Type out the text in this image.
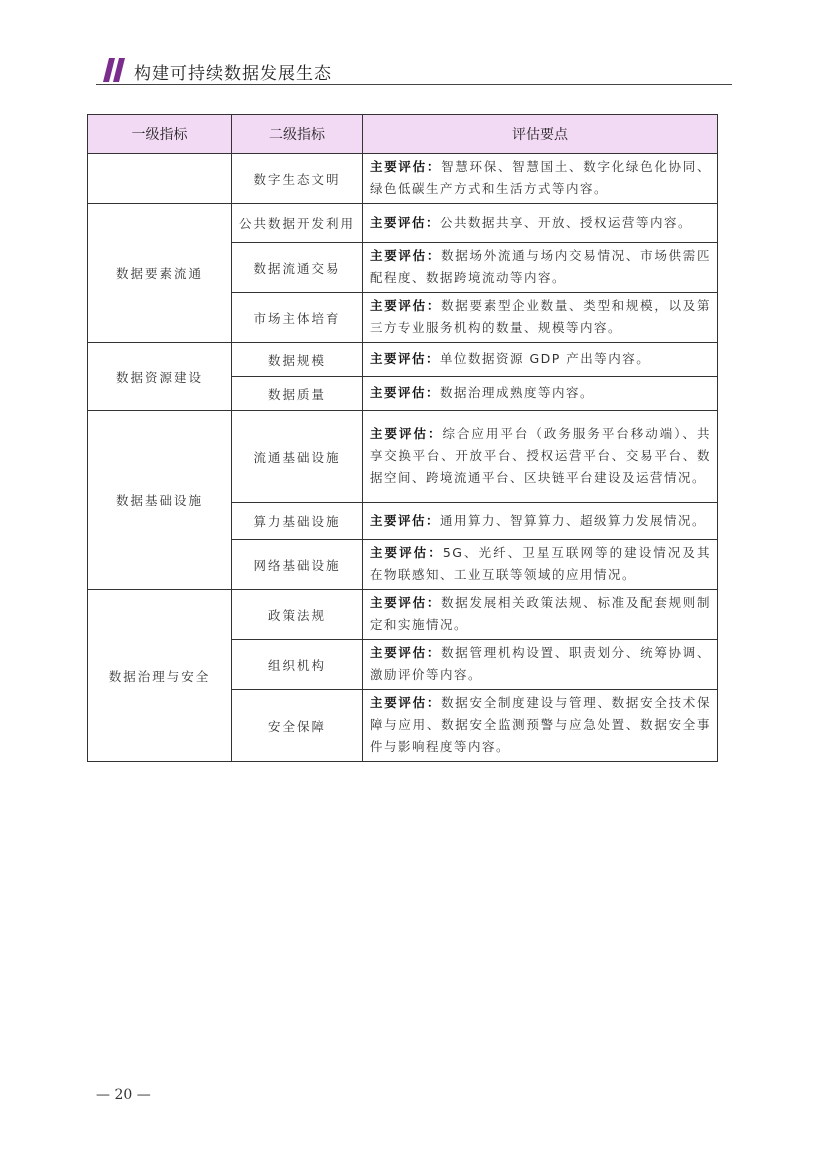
构建可持续数据发展生态
一级指标	二级指标	评估要点
	数字生态文明	主要评估：智慧环保、智慧国土、数字化绿色化协同、绿色低碳生产方式和生活方式等内容。
数据要素流通	公共数据开发利用	主要评估：公共数据共享、开放、授权运营等内容。
	数据流通交易	主要评估：数据场外流通与场内交易情况、市场供需匹配程度、数据跨境流动等内容。
	市场主体培育	主要评估：数据要素型企业数量、类型和规模，以及第三方专业服务机构的数量、规模等内容。
数据资源建设	数据规模	主要评估：单位数据资源 GDP 产出等内容。
	数据质量	主要评估：数据治理成熟度等内容。
数据基础设施	流通基础设施	主要评估：综合应用平台（政务服务平台移动端）、共享交换平台、开放平台、授权运营平台、交易平台、数据空间、跨境流通平台、区块链平台建设及运营情况。
	算力基础设施	主要评估：通用算力、智算算力、超级算力发展情况。
	网络基础设施	主要评估：5G、光纤、卫星互联网等的建设情况及其在物联感知、工业互联等领域的应用情况。
数据治理与安全	政策法规	主要评估：数据发展相关政策法规、标准及配套规则制定和实施情况。
	组织机构	主要评估：数据管理机构设置、职责划分、统筹协调、激励评价等内容。
	安全保障	主要评估：数据安全制度建设与管理、数据安全技术保障与应用、数据安全监测预警与应急处置、数据安全事件与影响程度等内容。
— 20 —
